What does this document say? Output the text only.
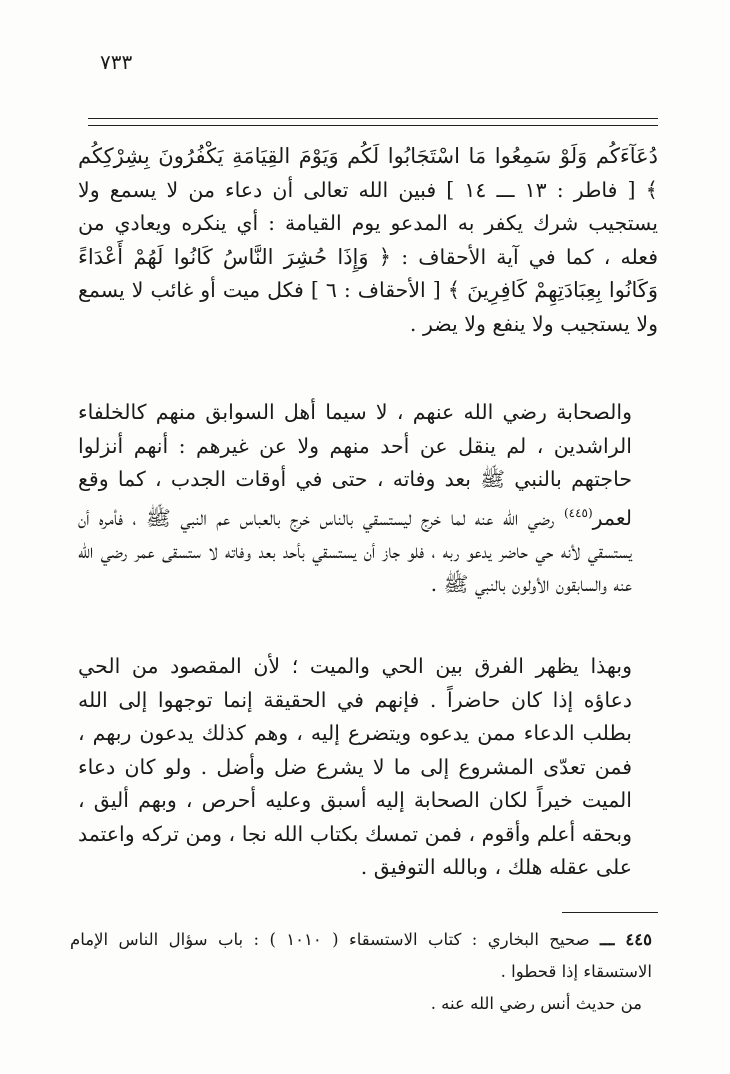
٧٣٣

دُعَآءَكُم وَلَوْ سَمِعُوا مَا اسْتَجَابُوا لَكُم وَيَوْمَ القِيَامَةِ يَكْفُرُونَ بِشِرْكِكُم ﴾ [ فاطر : ١٣ ـــ ١٤ ] فبين الله تعالى أن دعاء من لا يسمع ولا يستجيب شرك يكفر به المدعو يوم القيامة : أي ينكره ويعادي من فعله ، كما في آية الأحقاف : ﴿ وَإِذَا حُشِرَ النَّاسُ كَانُوا لَهُمْ أَعْدَاءً وَكَانُوا بِعِبَادَتِهِمْ كَافِرِينَ ﴾ [ الأحقاف : ٦ ] فكل ميت أو غائب لا يسمع ولا يستجيب ولا ينفع ولا يضر .

والصحابة رضي الله عنهم ، لا سيما أهل السوابق منهم كالخلفاء الراشدين ، لم ينقل عن أحد منهم ولا عن غيرهم : أنهم أنزلوا حاجتهم بالنبي ﷺ بعد وفاته ، حتى في أوقات الجدب ، كما وقع لعمر$^{(٤٤٥)}$ رضي الله عنه لما خرج ليستسقي بالناس خرج بالعباس عم النبي ﷺ ، فأمره أن يستسقي لأنه حي حاضر يدعو ربه ، فلو جاز أن يستسقي بأحد بعد وفاته لا ستسقى عمر رضي الله عنه والسابقون الأولون بالنبي ﷺ .

وبهذا يظهر الفرق بين الحي والميت ؛ لأن المقصود من الحي دعاؤه إذا كان حاضراً . فإنهم في الحقيقة إنما توجهوا إلى الله بطلب الدعاء ممن يدعوه ويتضرع إليه ، وهم كذلك يدعون ربهم ، فمن تعدّى المشروع إلى ما لا يشرع ضل وأضل . ولو كان دعاء الميت خيراً لكان الصحابة إليه أسبق وعليه أحرص ، وبهم أليق ، وبحقه أعلم وأقوم ، فمن تمسك بكتاب الله نجا ، ومن تركه واعتمد على عقله هلك ، وبالله التوفيق .

٤٤٥ ـــ صحيح البخاري : كتاب الاستسقاء ( ١٠١٠ ) : باب سؤال الناس الإمام الاستسقاء إذا قحطوا .

من حديث أنس رضي الله عنه .
